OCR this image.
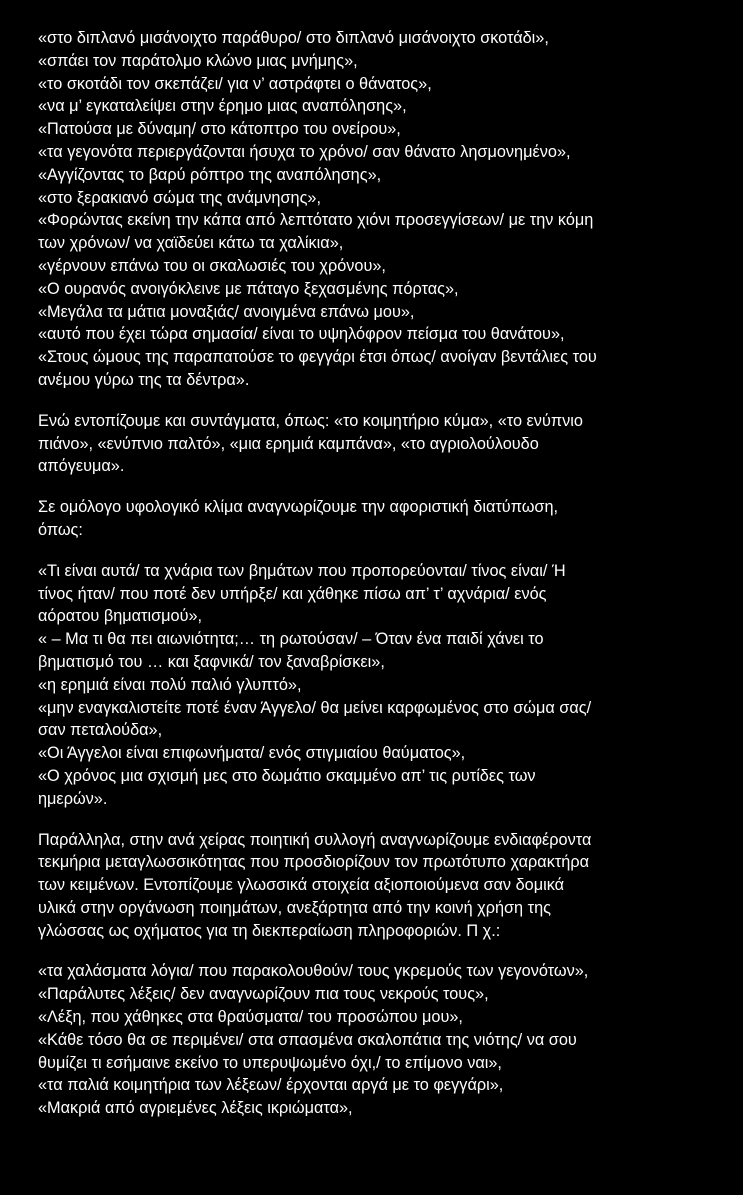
«στο διπλανό μισάνοιχτο παράθυρο/ στο διπλανό μισάνοιχτο σκοτάδι»,
«σπάει τον παράτολμο κλώνο μιας μνήμης»,
«το σκοτάδι τον σκεπάζει/ για ν’ αστράφτει ο θάνατος»,
«να μ’ εγκαταλείψει στην έρημο μιας αναπόλησης»,
«Πατούσα με δύναμη/ στο κάτοπτρο του ονείρου»,
«τα γεγονότα περιεργάζονται ήσυχα το χρόνο/ σαν θάνατο λησμονημένο»,
«Αγγίζοντας το βαρύ ρόπτρο της αναπόλησης»,
«στο ξερακιανό σώμα της ανάμνησης»,
«Φορώντας εκείνη την κάπα από λεπτότατο χιόνι προσεγγίσεων/ με την κόμη
των χρόνων/ να χαϊδεύει κάτω τα χαλίκια»,
«γέρνουν επάνω του οι σκαλωσιές του χρόνου»,
«Ο ουρανός ανοιγόκλεινε με πάταγο ξεχασμένης πόρτας»,
«Μεγάλα τα μάτια μοναξιάς/ ανοιγμένα επάνω μου»,
«αυτό που έχει τώρα σημασία/ είναι το υψηλόφρον πείσμα του θανάτου»,
«Στους ώμους της παραπατούσε το φεγγάρι έτσι όπως/ ανοίγαν βεντάλιες του
ανέμου γύρω της τα δέντρα».
Ενώ εντοπίζουμε και συντάγματα, όπως: «το κοιμητήριο κύμα», «το ενύπνιο
πιάνο», «ενύπνιο παλτό», «μια ερημιά καμπάνα», «το αγριολούλουδο
απόγευμα».
Σε ομόλογο υφολογικό κλίμα αναγνωρίζουμε την αφοριστική διατύπωση,
όπως:
«Τι είναι αυτά/ τα χνάρια των βημάτων που προπορεύονται/ τίνος είναι/ Ή
τίνος ήταν/ που ποτέ δεν υπήρξε/ και χάθηκε πίσω απ’ τ’ αχνάρια/ ενός
αόρατου βηματισμού»,
« – Μα τι θα πει αιωνιότητα;… τη ρωτούσαν/ – Όταν ένα παιδί χάνει το
βηματισμό του … και ξαφνικά/ τον ξαναβρίσκει»,
«η ερημιά είναι πολύ παλιό γλυπτό»,
«μην εναγκαλιστείτε ποτέ έναν Άγγελο/ θα μείνει καρφωμένος στο σώμα σας/
σαν πεταλούδα»,
«Οι Άγγελοι είναι επιφωνήματα/ ενός στιγμιαίου θαύματος»,
«Ο χρόνος μια σχισμή μες στο δωμάτιο σκαμμένο απ’ τις ρυτίδες των
ημερών».
Παράλληλα, στην ανά χείρας ποιητική συλλογή αναγνωρίζουμε ενδιαφέροντα
τεκμήρια μεταγλωσσικότητας που προσδιορίζουν τον πρωτότυπο χαρακτήρα
των κειμένων. Εντοπίζουμε γλωσσικά στοιχεία αξιοποιούμενα σαν δομικά
υλικά στην οργάνωση ποιημάτων, ανεξάρτητα από την κοινή χρήση της
γλώσσας ως οχήματος για τη διεκπεραίωση πληροφοριών. Π χ.:
«τα χαλάσματα λόγια/ που παρακολουθούν/ τους γκρεμούς των γεγονότων»,
«Παράλυτες λέξεις/ δεν αναγνωρίζουν πια τους νεκρούς τους»,
«Λέξη, που χάθηκες στα θραύσματα/ του προσώπου μου»,
«Κάθε τόσο θα σε περιμένει/ στα σπασμένα σκαλοπάτια της νιότης/ να σου
θυμίζει τι εσήμαινε εκείνο το υπερυψωμένο όχι,/ το επίμονο ναι»,
«τα παλιά κοιμητήρια των λέξεων/ έρχονται αργά με το φεγγάρι»,
«Μακριά από αγριεμένες λέξεις ικριώματα»,
